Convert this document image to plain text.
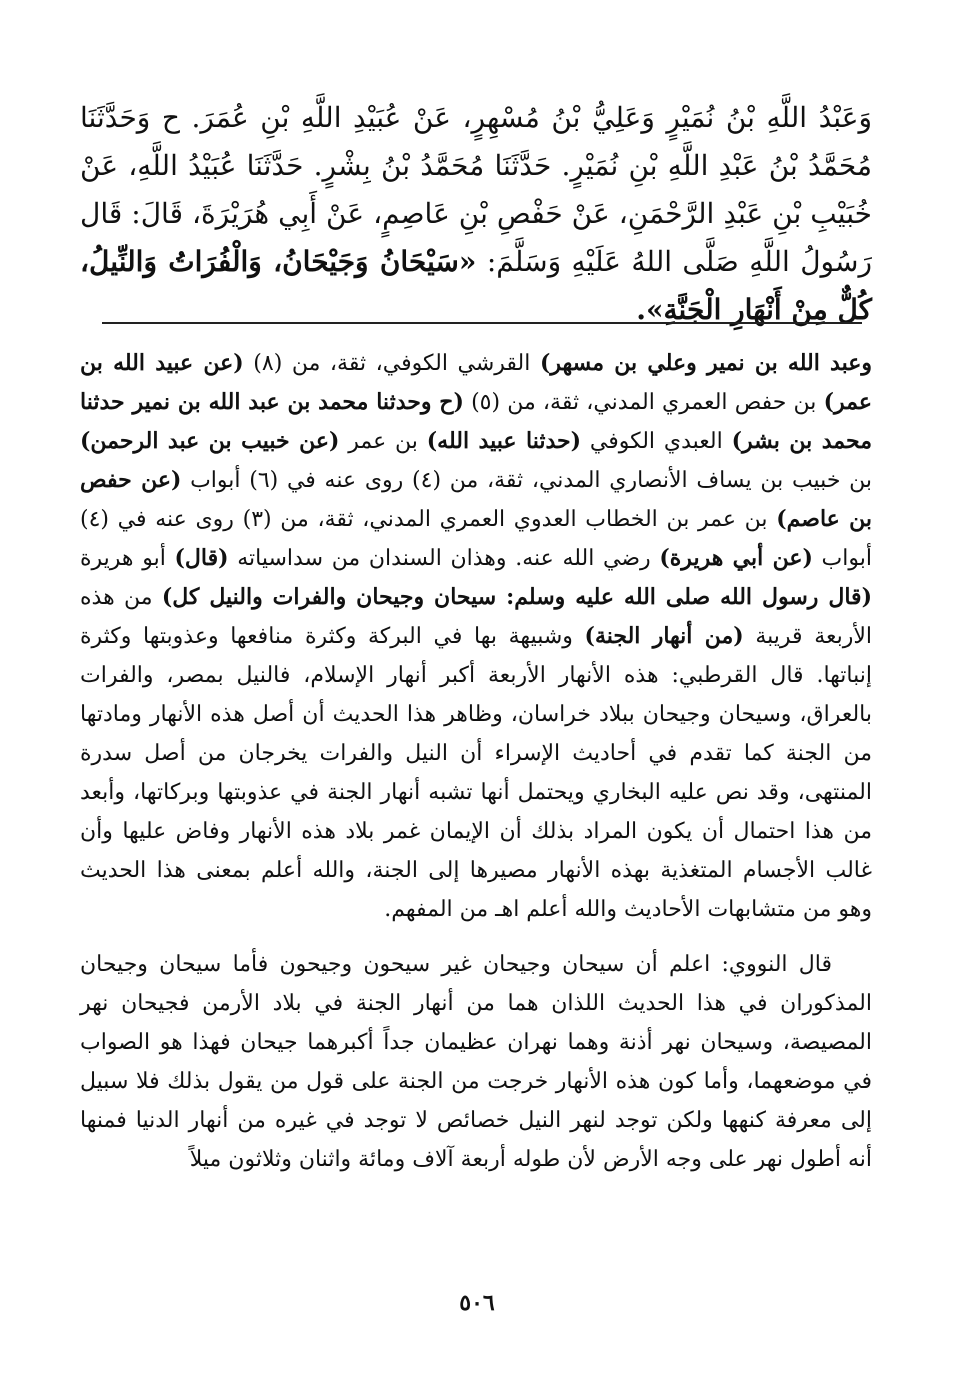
وَعَبْدُ اللَّهِ بْنُ نُمَيْرٍ وَعَلِيُّ بْنُ مُسْهِرٍ، عَنْ عُبَيْدِ اللَّهِ بْنِ عُمَرَ. ح وَحَدَّثَنَا مُحَمَّدُ بْنُ عَبْدِ اللَّهِ بْنِ نُمَيْرٍ. حَدَّثَنَا مُحَمَّدُ بْنُ بِشْرٍ. حَدَّثَنَا عُبَيْدُ اللَّهِ، عَنْ خُبَيْبِ بْنِ عَبْدِ الرَّحْمَنِ، عَنْ حَفْصِ بْنِ عَاصِمٍ، عَنْ أَبِي هُرَيْرَةَ، قَالَ: قَال رَسُولُ اللَّهِ صَلَّى اللهُ عَلَيْهِ وَسَلَّمَ: «سَيْحَانُ وَجَيْحَانُ، وَالْفُرَاتُ وَالنِّيلُ، كُلٌّ مِنْ أَنْهَارِ الْجَنَّةِ».

وعبد الله بن نمير وعلي بن مسهر) القرشي الكوفي، ثقة، من (٨) (عن عبيد الله بن عمر) بن حفص العمري المدني، ثقة، من (٥) (ح وحدثنا محمد بن عبد الله بن نمير حدثنا محمد بن بشر) العبدي الكوفي (حدثنا عبيد الله) بن عمر (عن خبيب بن عبد الرحمن) بن خبيب بن يساف الأنصاري المدني، ثقة، من (٤) روى عنه في (٦) أبواب (عن حفص بن عاصم) بن عمر بن الخطاب العدوي العمري المدني، ثقة، من (٣) روى عنه في (٤) أبواب (عن أبي هريرة) رضي الله عنه. وهذان السندان من سداسياته (قال) أبو هريرة (قال رسول الله صلى الله عليه وسلم: سيحان وجيحان والفرات والنيل كل) من هذه الأربعة قريبة (من أنهار الجنة) وشبيهة بها في البركة وكثرة منافعها وعذوبتها وكثرة إنباتها. قال القرطبي: هذه الأنهار الأربعة أكبر أنهار الإسلام، فالنيل بمصر، والفرات بالعراق، وسيحان وجيحان ببلاد خراسان، وظاهر هذا الحديث أن أصل هذه الأنهار ومادتها من الجنة كما تقدم في أحاديث الإسراء أن النيل والفرات يخرجان من أصل سدرة المنتهى، وقد نص عليه البخاري ويحتمل أنها تشبه أنهار الجنة في عذوبتها وبركاتها، وأبعد من هذا احتمال أن يكون المراد بذلك أن الإيمان غمر بلاد هذه الأنهار وفاض عليها وأن غالب الأجسام المتغذية بهذه الأنهار مصيرها إلى الجنة، والله أعلم بمعنى هذا الحديث وهو من متشابهات الأحاديث والله أعلم اهـ من المفهم.

قال النووي: اعلم أن سيحان وجيحان غير سيحون وجيحون فأما سيحان وجيحان المذكوران في هذا الحديث اللذان هما من أنهار الجنة في بلاد الأرمن فجيحان نهر المصيصة، وسيحان نهر أذنة وهما نهران عظيمان جداً أكبرهما جيحان فهذا هو الصواب في موضعهما، وأما كون هذه الأنهار خرجت من الجنة على قول من يقول بذلك فلا سبيل إلى معرفة كنهها ولكن توجد لنهر النيل خصائص لا توجد في غيره من أنهار الدنيا فمنها أنه أطول نهر على وجه الأرض لأن طوله أربعة آلاف ومائة واثنان وثلاثون ميلاً

٥٠٦
